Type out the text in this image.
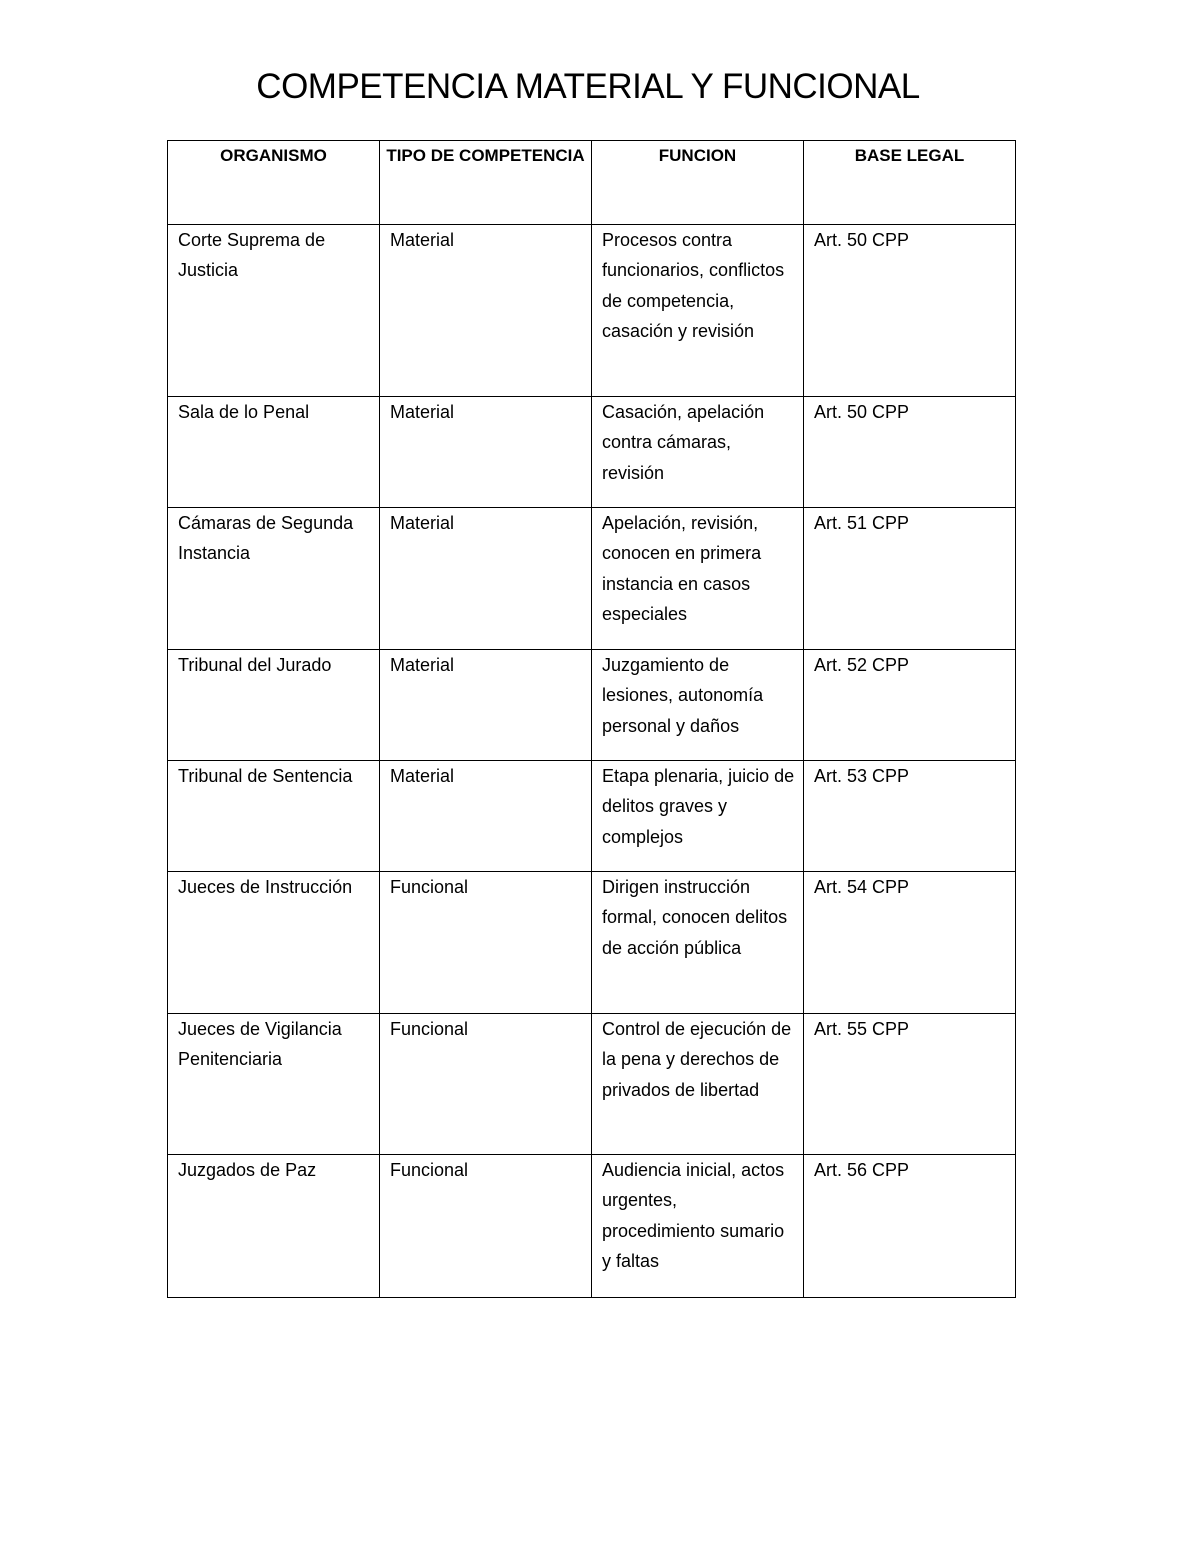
COMPETENCIA MATERIAL Y FUNCIONAL
ORGANISMO	TIPO DE COMPETENCIA	FUNCION	BASE LEGAL
Corte Suprema de Justicia	Material	Procesos contra funcionarios, conflictos de competencia, casación y revisión	Art. 50 CPP
Sala de lo Penal	Material	Casación, apelación contra cámaras, revisión	Art. 50 CPP
Cámaras de Segunda Instancia	Material	Apelación, revisión, conocen en primera instancia en casos especiales	Art. 51 CPP
Tribunal del Jurado	Material	Juzgamiento de lesiones, autonomía personal y daños	Art. 52 CPP
Tribunal de Sentencia	Material	Etapa plenaria, juicio de delitos graves y complejos	Art. 53 CPP
Jueces de Instrucción	Funcional	Dirigen instrucción formal, conocen delitos de acción pública	Art. 54 CPP
Jueces de Vigilancia Penitenciaria	Funcional	Control de ejecución de la pena y derechos de privados de libertad	Art. 55 CPP
Juzgados de Paz	Funcional	Audiencia inicial, actos urgentes, procedimiento sumario y faltas	Art. 56 CPP
